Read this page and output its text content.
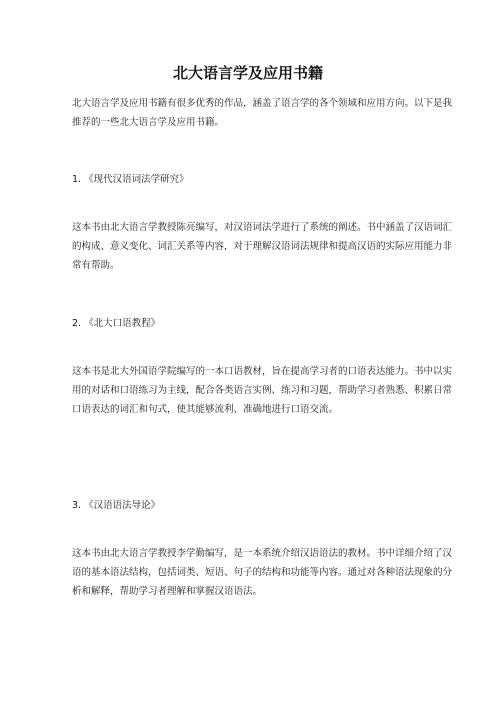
北大语言学及应用书籍

北大语言学及应用书籍有很多优秀的作品，涵盖了语言学的各个领域和应用方向。以下是我推荐的一些北大语言学及应用书籍。

1. 《现代汉语词法学研究》

这本书由北大语言学教授陈亮编写，对汉语词法学进行了系统的阐述。书中涵盖了汉语词汇的构成、意义变化、词汇关系等内容，对于理解汉语词法规律和提高汉语的实际应用能力非常有帮助。

2. 《北大口语教程》

这本书是北大外国语学院编写的一本口语教材，旨在提高学习者的口语表达能力。书中以实用的对话和口语练习为主线，配合各类语言实例、练习和习题，帮助学习者熟悉、积累日常口语表达的词汇和句式，使其能够流利、准确地进行口语交流。

3. 《汉语语法导论》

这本书由北大语言学教授李学勤编写，是一本系统介绍汉语语法的教材。书中详细介绍了汉语的基本语法结构，包括词类、短语、句子的结构和功能等内容。通过对各种语法现象的分析和解释，帮助学习者理解和掌握汉语语法。
